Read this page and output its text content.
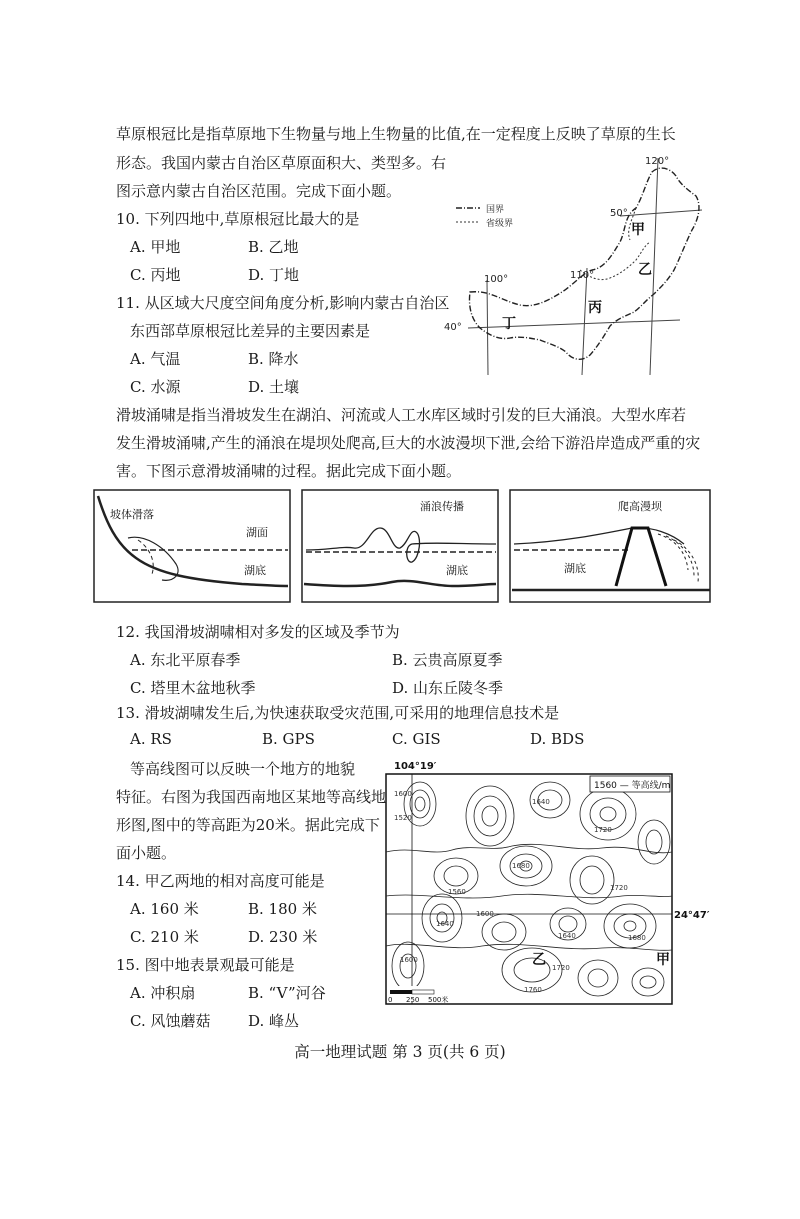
草原根冠比是指草原地下生物量与地上生物量的比值,在一定程度上反映了草原的生长
形态。我国内蒙古自治区草原面积大、类型多。右
图示意内蒙古自治区范围。完成下面小题。
10. 下列四地中,草原根冠比最大的是
A. 甲地	B. 乙地
C. 丙地	D. 丁地
11. 从区域大尺度空间角度分析,影响内蒙古自治区
东西部草原根冠比差异的主要因素是
A. 气温	B. 降水
C. 水源	D. 土壤
国界
省级界
120°
110°
100°
50°
40°
甲
乙
丙
丁
滑坡涌啸是指当滑坡发生在湖泊、河流或人工水库区域时引发的巨大涌浪。大型水库若
发生滑坡涌啸,产生的涌浪在堤坝处爬高,巨大的水波漫坝下泄,会给下游沿岸造成严重的灾
害。下图示意滑坡涌啸的过程。据此完成下面小题。
坡体滑落
湖面
湖底
涌浪传播
湖底
爬高漫坝
湖底
12. 我国滑坡湖啸相对多发的区域及季节为
A. 东北平原春季	B. 云贵高原夏季
C. 塔里木盆地秋季	D. 山东丘陵冬季
13. 滑坡湖啸发生后,为快速获取受灾范围,可采用的地理信息技术是
A. RS	B. GPS	C. GIS	D. BDS
等高线图可以反映一个地方的地貌
特征。右图为我国西南地区某地等高线地
形图,图中的等高距为20米。据此完成下
面小题。
14. 甲乙两地的相对高度可能是
A. 160 米	B. 180 米
C. 210 米	D. 230 米
15. 图中地表景观最可能是
A. 冲积扇	B. “V”河谷
C. 风蚀蘑菇	D. 峰丛
1560 — 等高线/m
104°19′
24°47′
1600
1520
1640
1680
1720
1560
1640
1600
1720
1680
1760
1600
1640
1720
乙	甲
0 250 500米
高一地理试题 第 3 页(共 6 页)
